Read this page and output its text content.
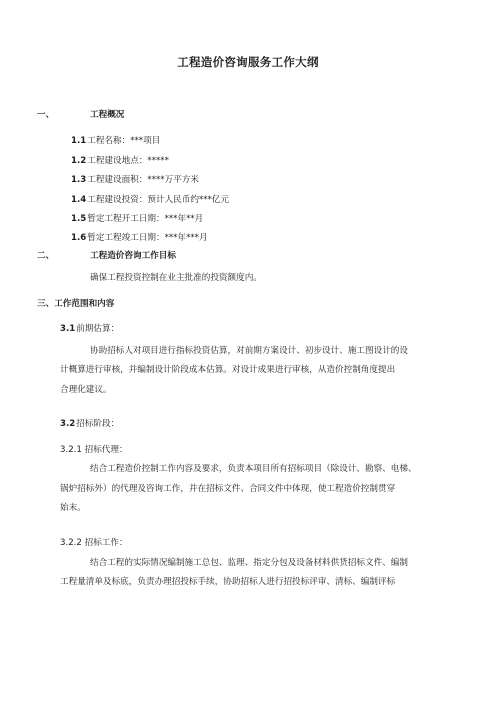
工程造价咨询服务工作大纲
一、	工程概况
1.1工程名称：***项目
1.2工程建设地点：*****
1.3工程建设面积：****万平方米
1.4工程建设投资：预计人民币约***亿元
1.5暂定工程开工日期：***年**月
1.6暂定工程竣工日期：***年***月
二、	工程造价咨询工作目标
确保工程投资控制在业主批准的投资额度内。
三、工作范围和内容
3.1前期估算：
协助招标人对项目进行指标投资估算，对前期方案设计、初步设计、施工图设计的设
计概算进行审核，并编制设计阶段成本估算。对设计成果进行审核，从造价控制角度提出
合理化建议。
3.2招标阶段：
3.2.1 招标代理：
结合工程造价控制工作内容及要求，负责本项目所有招标项目（除设计、勘察、电梯、
锅炉招标外）的代理及咨询工作，并在招标文件、合同文件中体现，使工程造价控制贯穿
始末。
3.2.2 招标工作：
结合工程的实际情况编制施工总包、监理、指定分包及设备材料供货招标文件、编制
工程量清单及标底，负责办理招投标手续，协助招标人进行招投标评审、清标、编制评标
